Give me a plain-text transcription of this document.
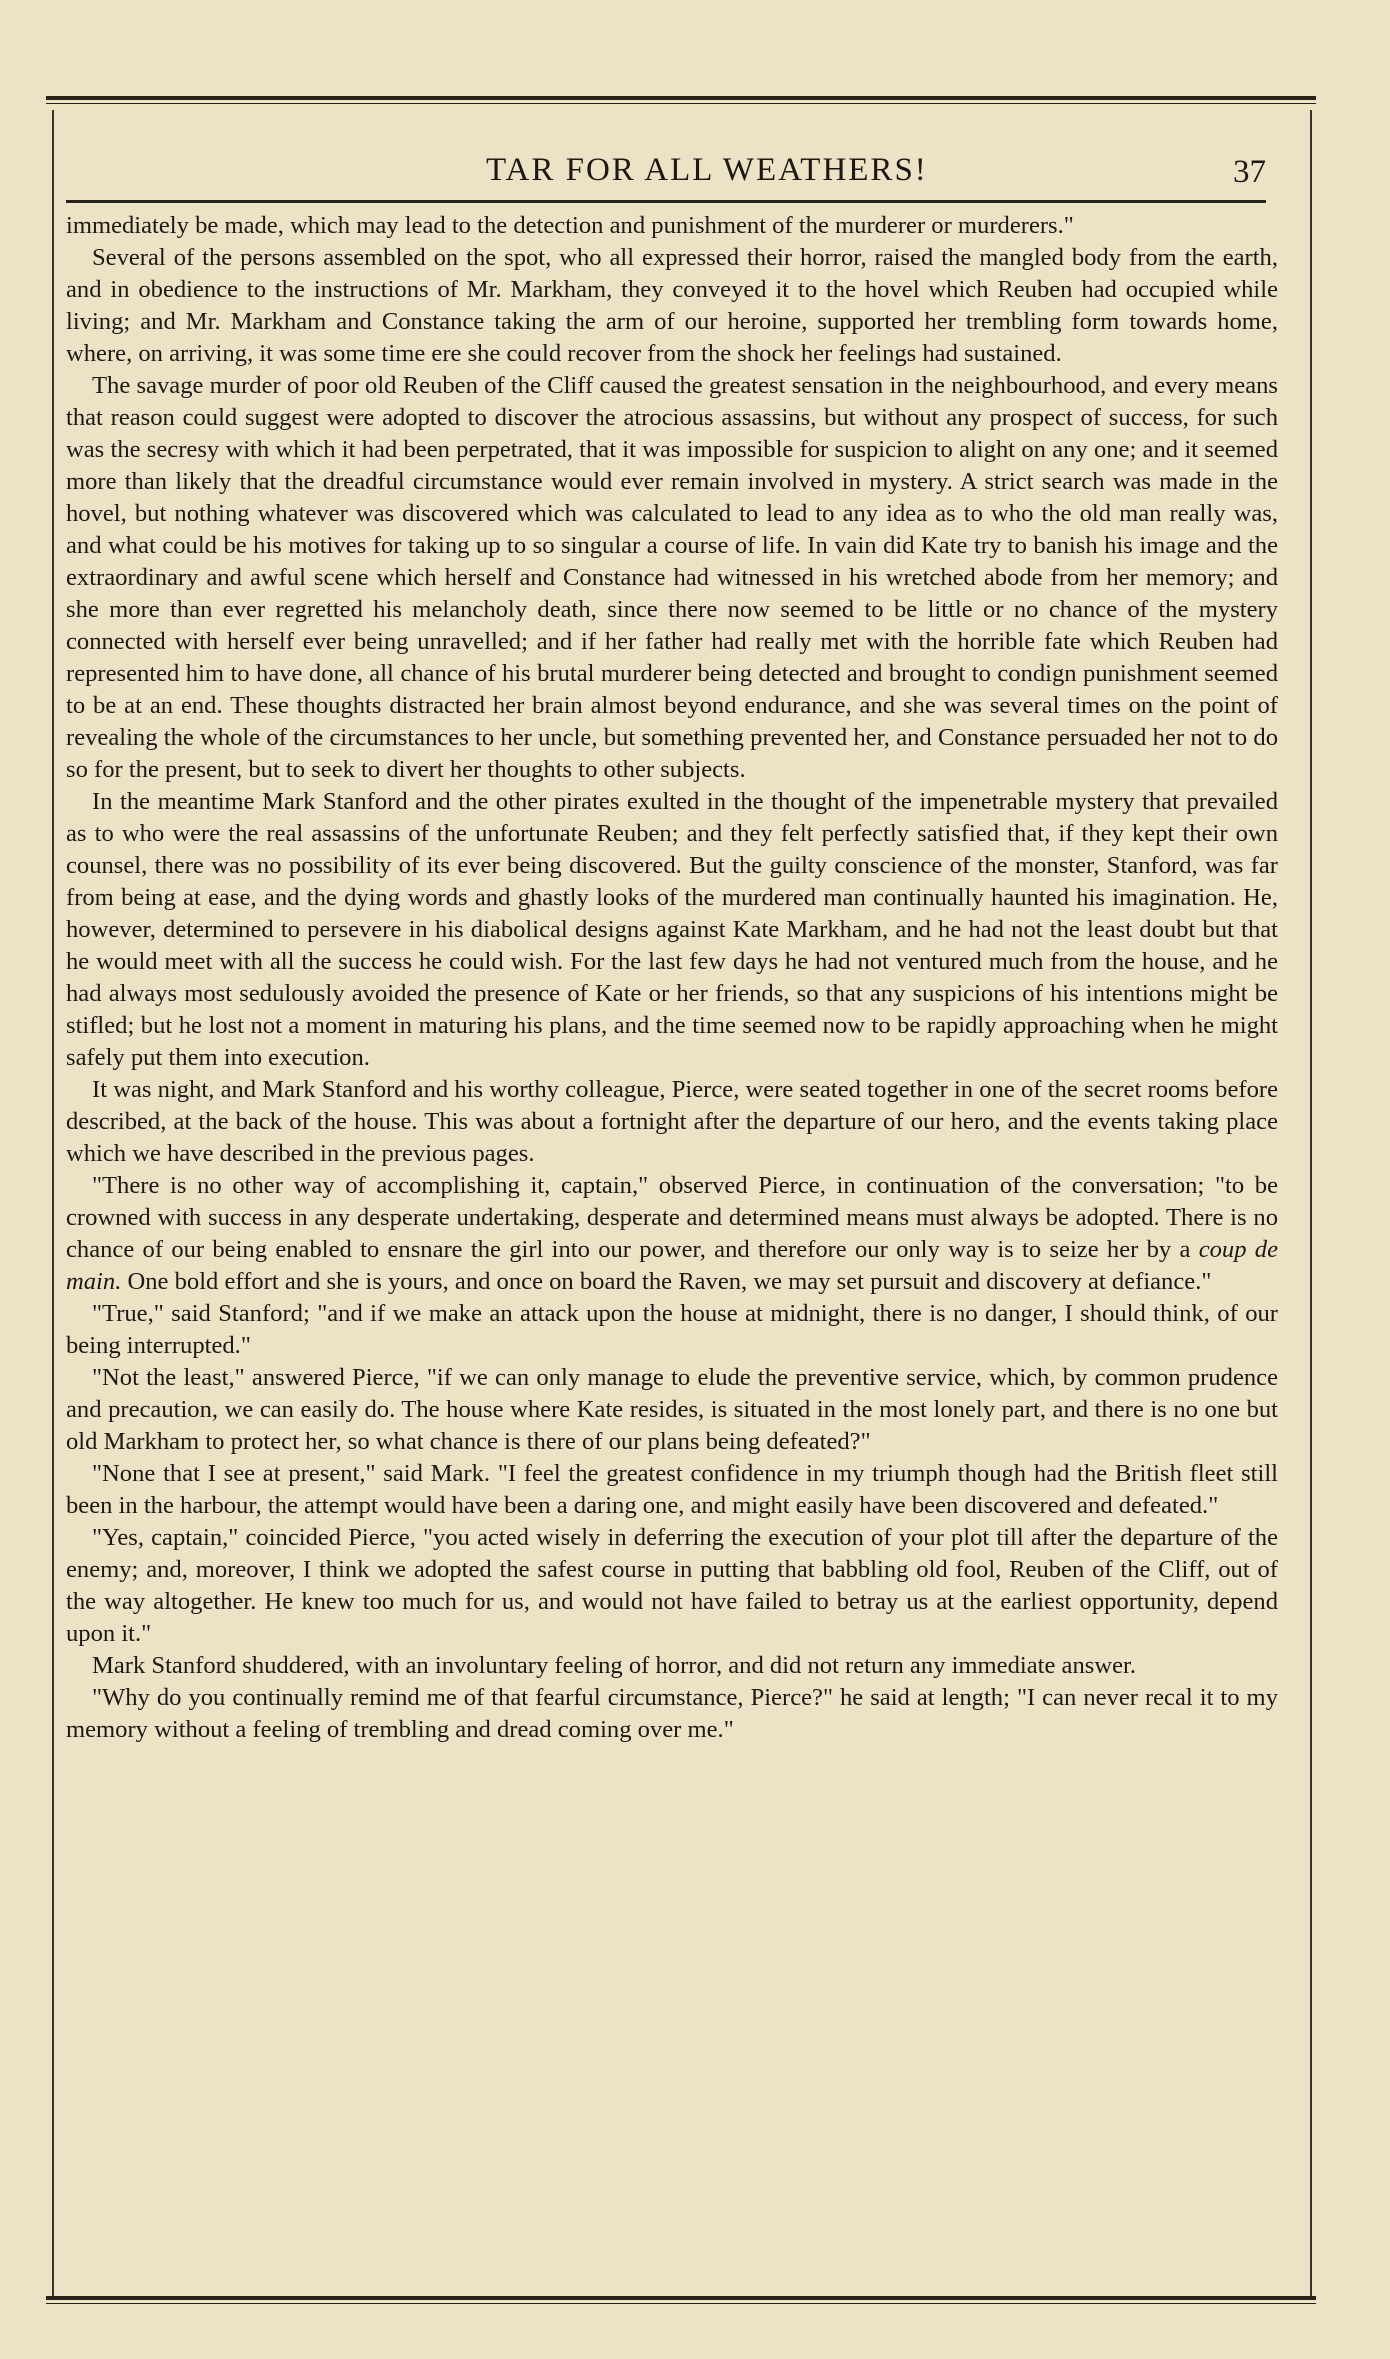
TAR FOR ALL WEATHERS!	37

immediately be made, which may lead to the detection and punishment of the murderer or murderers."

Several of the persons assembled on the spot, who all expressed their horror, raised the mangled body from the earth, and in obedience to the instructions of Mr. Markham, they conveyed it to the hovel which Reuben had occupied while living; and Mr. Markham and Constance taking the arm of our heroine, supported her trembling form towards home, where, on arriving, it was some time ere she could recover from the shock her feelings had sustained.

The savage murder of poor old Reuben of the Cliff caused the greatest sensation in the neighbourhood, and every means that reason could suggest were adopted to discover the atrocious assassins, but without any prospect of success, for such was the secresy with which it had been perpetrated, that it was impossible for suspicion to alight on any one; and it seemed more than likely that the dreadful circumstance would ever remain involved in mystery. A strict search was made in the hovel, but nothing whatever was discovered which was calculated to lead to any idea as to who the old man really was, and what could be his motives for taking up to so singular a course of life. In vain did Kate try to banish his image and the extraordinary and awful scene which herself and Constance had witnessed in his wretched abode from her memory; and she more than ever regretted his melancholy death, since there now seemed to be little or no chance of the mystery connected with herself ever being unravelled; and if her father had really met with the horrible fate which Reuben had represented him to have done, all chance of his brutal murderer being detected and brought to condign punishment seemed to be at an end. These thoughts distracted her brain almost beyond endurance, and she was several times on the point of revealing the whole of the circumstances to her uncle, but something prevented her, and Constance persuaded her not to do so for the present, but to seek to divert her thoughts to other subjects.

In the meantime Mark Stanford and the other pirates exulted in the thought of the impenetrable mystery that prevailed as to who were the real assassins of the unfortunate Reuben; and they felt perfectly satisfied that, if they kept their own counsel, there was no possibility of its ever being discovered. But the guilty conscience of the monster, Stanford, was far from being at ease, and the dying words and ghastly looks of the murdered man continually haunted his imagination. He, however, determined to persevere in his diabolical designs against Kate Markham, and he had not the least doubt but that he would meet with all the success he could wish. For the last few days he had not ventured much from the house, and he had always most sedulously avoided the presence of Kate or her friends, so that any suspicions of his intentions might be stifled; but he lost not a moment in maturing his plans, and the time seemed now to be rapidly approaching when he might safely put them into execution.

It was night, and Mark Stanford and his worthy colleague, Pierce, were seated together in one of the secret rooms before described, at the back of the house. This was about a fortnight after the departure of our hero, and the events taking place which we have described in the previous pages.

"There is no other way of accomplishing it, captain," observed Pierce, in continuation of the conversation; "to be crowned with success in any desperate undertaking, desperate and determined means must always be adopted. There is no chance of our being enabled to ensnare the girl into our power, and therefore our only way is to seize her by a coup de main. One bold effort and she is yours, and once on board the Raven, we may set pursuit and discovery at defiance."

"True," said Stanford; "and if we make an attack upon the house at midnight, there is no danger, I should think, of our being interrupted."

"Not the least," answered Pierce, "if we can only manage to elude the preventive service, which, by common prudence and precaution, we can easily do. The house where Kate resides, is situated in the most lonely part, and there is no one but old Markham to protect her, so what chance is there of our plans being defeated?"

"None that I see at present," said Mark. "I feel the greatest confidence in my triumph though had the British fleet still been in the harbour, the attempt would have been a daring one, and might easily have been discovered and defeated."

"Yes, captain," coincided Pierce, "you acted wisely in deferring the execution of your plot till after the departure of the enemy; and, moreover, I think we adopted the safest course in putting that babbling old fool, Reuben of the Cliff, out of the way altogether. He knew too much for us, and would not have failed to betray us at the earliest opportunity, depend upon it."

Mark Stanford shuddered, with an involuntary feeling of horror, and did not return any immediate answer.

"Why do you continually remind me of that fearful circumstance, Pierce?" he said at length; "I can never recal it to my memory without a feeling of trembling and dread coming over me."
